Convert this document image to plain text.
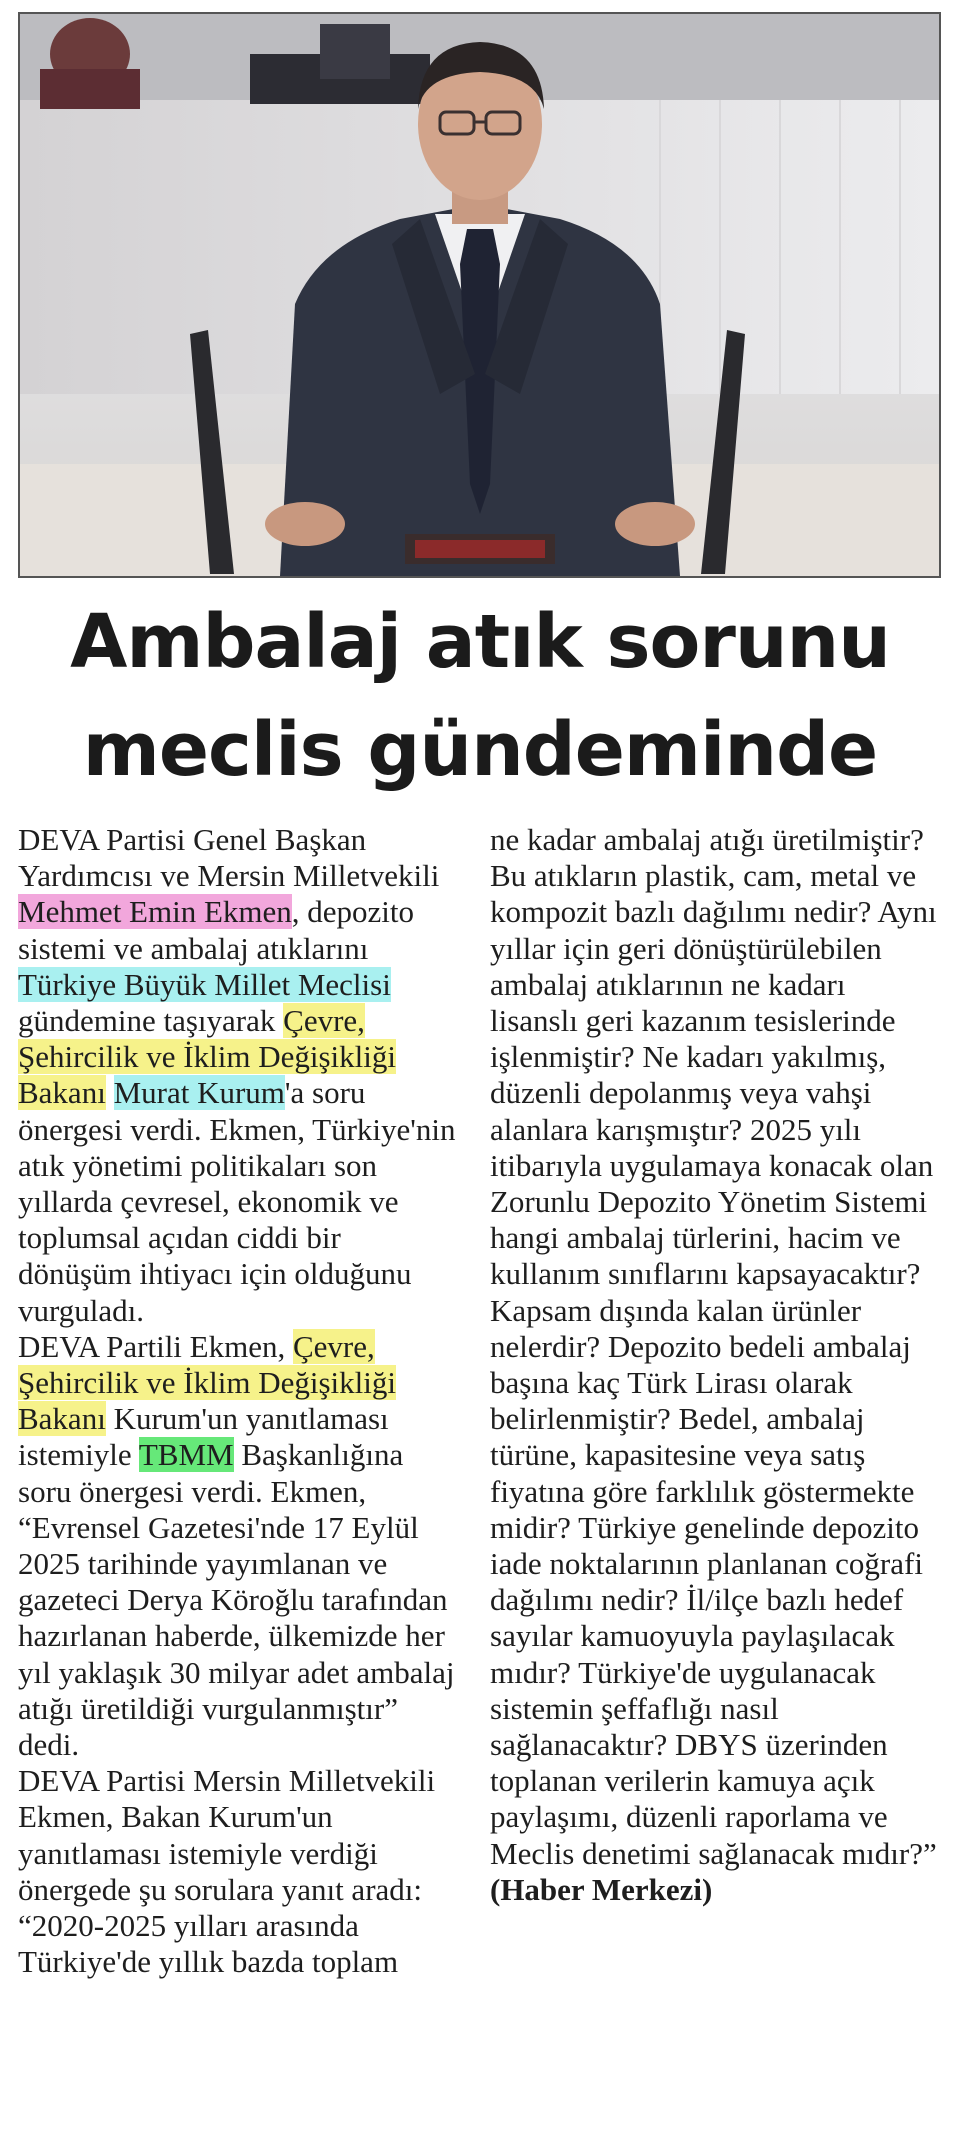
Ambalaj atık sorunu
meclis gündeminde

DEVA Partisi Genel Başkan Yardımcısı ve Mersin Milletvekili Mehmet Emin Ekmen, depozito sistemi ve ambalaj atıklarını Türkiye Büyük Millet Meclisi gündemine taşıyarak Çevre, Şehircilik ve İklim Değişikliği Bakanı Murat Kurum'a soru önergesi verdi. Ekmen, Türkiye'nin atık yönetimi politikaları son yıllarda çevresel, ekonomik ve toplumsal açıdan ciddi bir dönüşüm ihtiyacı için olduğunu vurguladı.

DEVA Partili Ekmen, Çevre, Şehircilik ve İklim Değişikliği Bakanı Kurum'un yanıtlaması istemiyle TBMM Başkanlığına soru önergesi verdi. Ekmen, “Evrensel Gazetesi'nde 17 Eylül 2025 tarihinde yayımlanan ve gazeteci Derya Köroğlu tarafından hazırlanan haberde, ülkemizde her yıl yaklaşık 30 milyar adet ambalaj atığı üretildiği vurgulanmıştır” dedi.

DEVA Partisi Mersin Milletvekili Ekmen, Bakan Kurum'un yanıtlaması istemiyle verdiği önergede şu sorulara yanıt aradı:

“2020-2025 yılları arasında Türkiye'de yıllık bazda toplam

ne kadar ambalaj atığı üretilmiştir? Bu atıkların plastik, cam, metal ve kompozit bazlı dağılımı nedir? Aynı yıllar için geri dönüştürülebilen ambalaj atıklarının ne kadarı lisanslı geri kazanım tesislerinde işlenmiştir? Ne kadarı yakılmış, düzenli depolanmış veya vahşi alanlara karışmıştır? 2025 yılı itibarıyla uygulamaya konacak olan Zorunlu Depozito Yönetim Sistemi hangi ambalaj türlerini, hacim ve kullanım sınıflarını kapsayacaktır? Kapsam dışında kalan ürünler nelerdir? Depozito bedeli ambalaj başına kaç Türk Lirası olarak belirlenmiştir? Bedel, ambalaj türüne, kapasitesine veya satış fiyatına göre farklılık göstermekte midir? Türkiye genelinde depozito iade noktalarının planlanan coğrafi dağılımı nedir? İl/ilçe bazlı hedef sayılar kamuoyuyla paylaşılacak mıdır? Türkiye'de uygulanacak sistemin şeffaflığı nasıl sağlanacaktır? DBYS üzerinden toplanan verilerin kamuya açık paylaşımı, düzenli raporlama ve Meclis denetimi sağlanacak mıdır?”

(Haber Merkezi)
